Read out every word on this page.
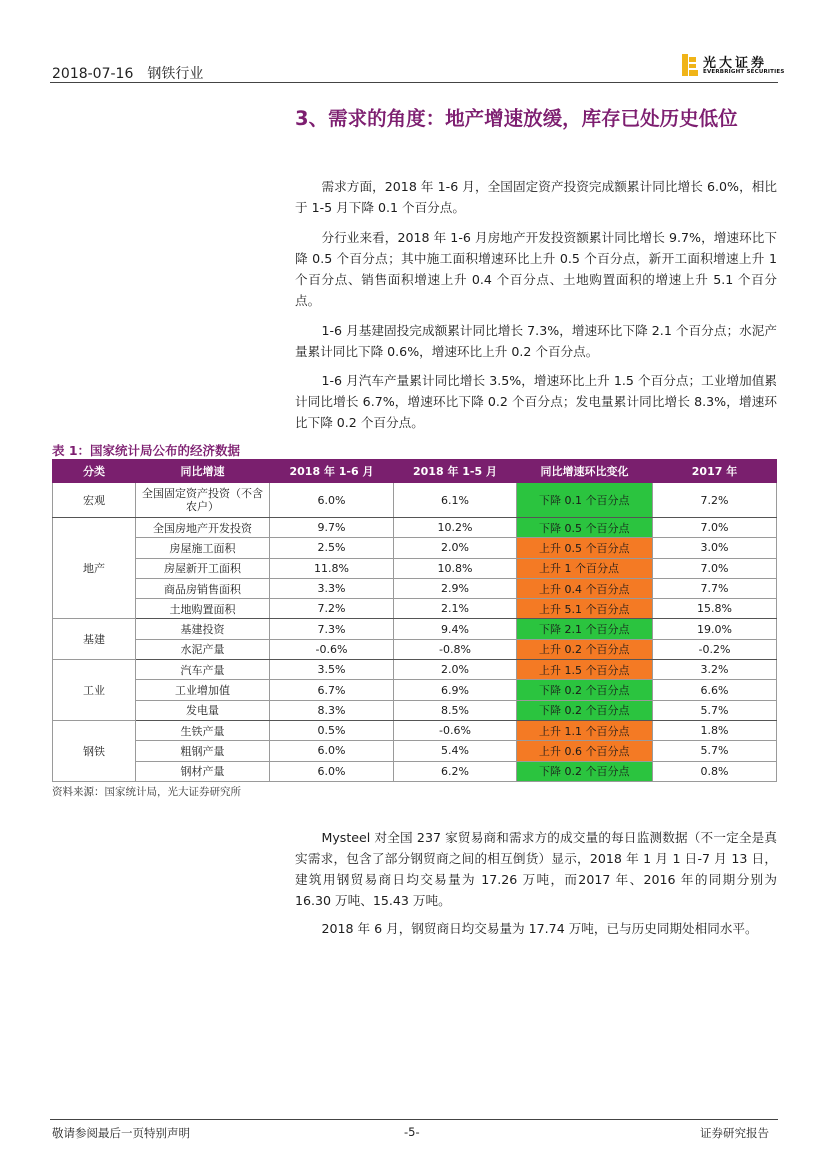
2018-07-16 钢铁行业
光大证券
EVERBRIGHT SECURITIES
3、需求的角度：地产增速放缓，库存已处历史低位

需求方面，2018 年 1-6 月，全国固定资产投资完成额累计同比增长 6.0%，相比于 1-5 月下降 0.1 个百分点。

分行业来看，2018 年 1-6 月房地产开发投资额累计同比增长 9.7%，增速环比下降 0.5 个百分点；其中施工面积增速环比上升 0.5 个百分点，新开工面积增速上升 1 个百分点、销售面积增速上升 0.4 个百分点、土地购置面积的增速上升 5.1 个百分点。

1-6 月基建固投完成额累计同比增长 7.3%，增速环比下降 2.1 个百分点；水泥产量累计同比下降 0.6%，增速环比上升 0.2 个百分点。

1-6 月汽车产量累计同比增长 3.5%，增速环比上升 1.5 个百分点；工业增加值累计同比增长 6.7%，增速环比下降 0.2 个百分点；发电量累计同比增长 8.3%，增速环比下降 0.2 个百分点。

表 1：国家统计局公布的经济数据
分类	同比增速	2018 年 1-6 月	2018 年 1-5 月	同比增速环比变化	2017 年
宏观	全国固定资产投资（不含农户）	6.0%	6.1%	下降 0.1 个百分点	7.2%
地产	全国房地产开发投资	9.7%	10.2%	下降 0.5 个百分点	7.0%
	房屋施工面积	2.5%	2.0%	上升 0.5 个百分点	3.0%
	房屋新开工面积	11.8%	10.8%	上升 1 个百分点	7.0%
	商品房销售面积	3.3%	2.9%	上升 0.4 个百分点	7.7%
	土地购置面积	7.2%	2.1%	上升 5.1 个百分点	15.8%
基建	基建投资	7.3%	9.4%	下降 2.1 个百分点	19.0%
	水泥产量	-0.6%	-0.8%	上升 0.2 个百分点	-0.2%
工业	汽车产量	3.5%	2.0%	上升 1.5 个百分点	3.2%
	工业增加值	6.7%	6.9%	下降 0.2 个百分点	6.6%
	发电量	8.3%	8.5%	下降 0.2 个百分点	5.7%
钢铁	生铁产量	0.5%	-0.6%	上升 1.1 个百分点	1.8%
	粗钢产量	6.0%	5.4%	上升 0.6 个百分点	5.7%
	钢材产量	6.0%	6.2%	下降 0.2 个百分点	0.8%
资料来源：国家统计局，光大证券研究所

Mysteel 对全国 237 家贸易商和需求方的成交量的每日监测数据（不一定全是真实需求，包含了部分钢贸商之间的相互倒货）显示，2018 年 1 月 1 日-7 月 13 日，建筑用钢贸易商日均交易量为 17.26 万吨，而2017 年、2016 年的同期分别为 16.30 万吨、15.43 万吨。

2018 年 6 月，钢贸商日均交易量为 17.74 万吨，已与历史同期处相同水平。

敬请参阅最后一页特别声明	-5-	证券研究报告
